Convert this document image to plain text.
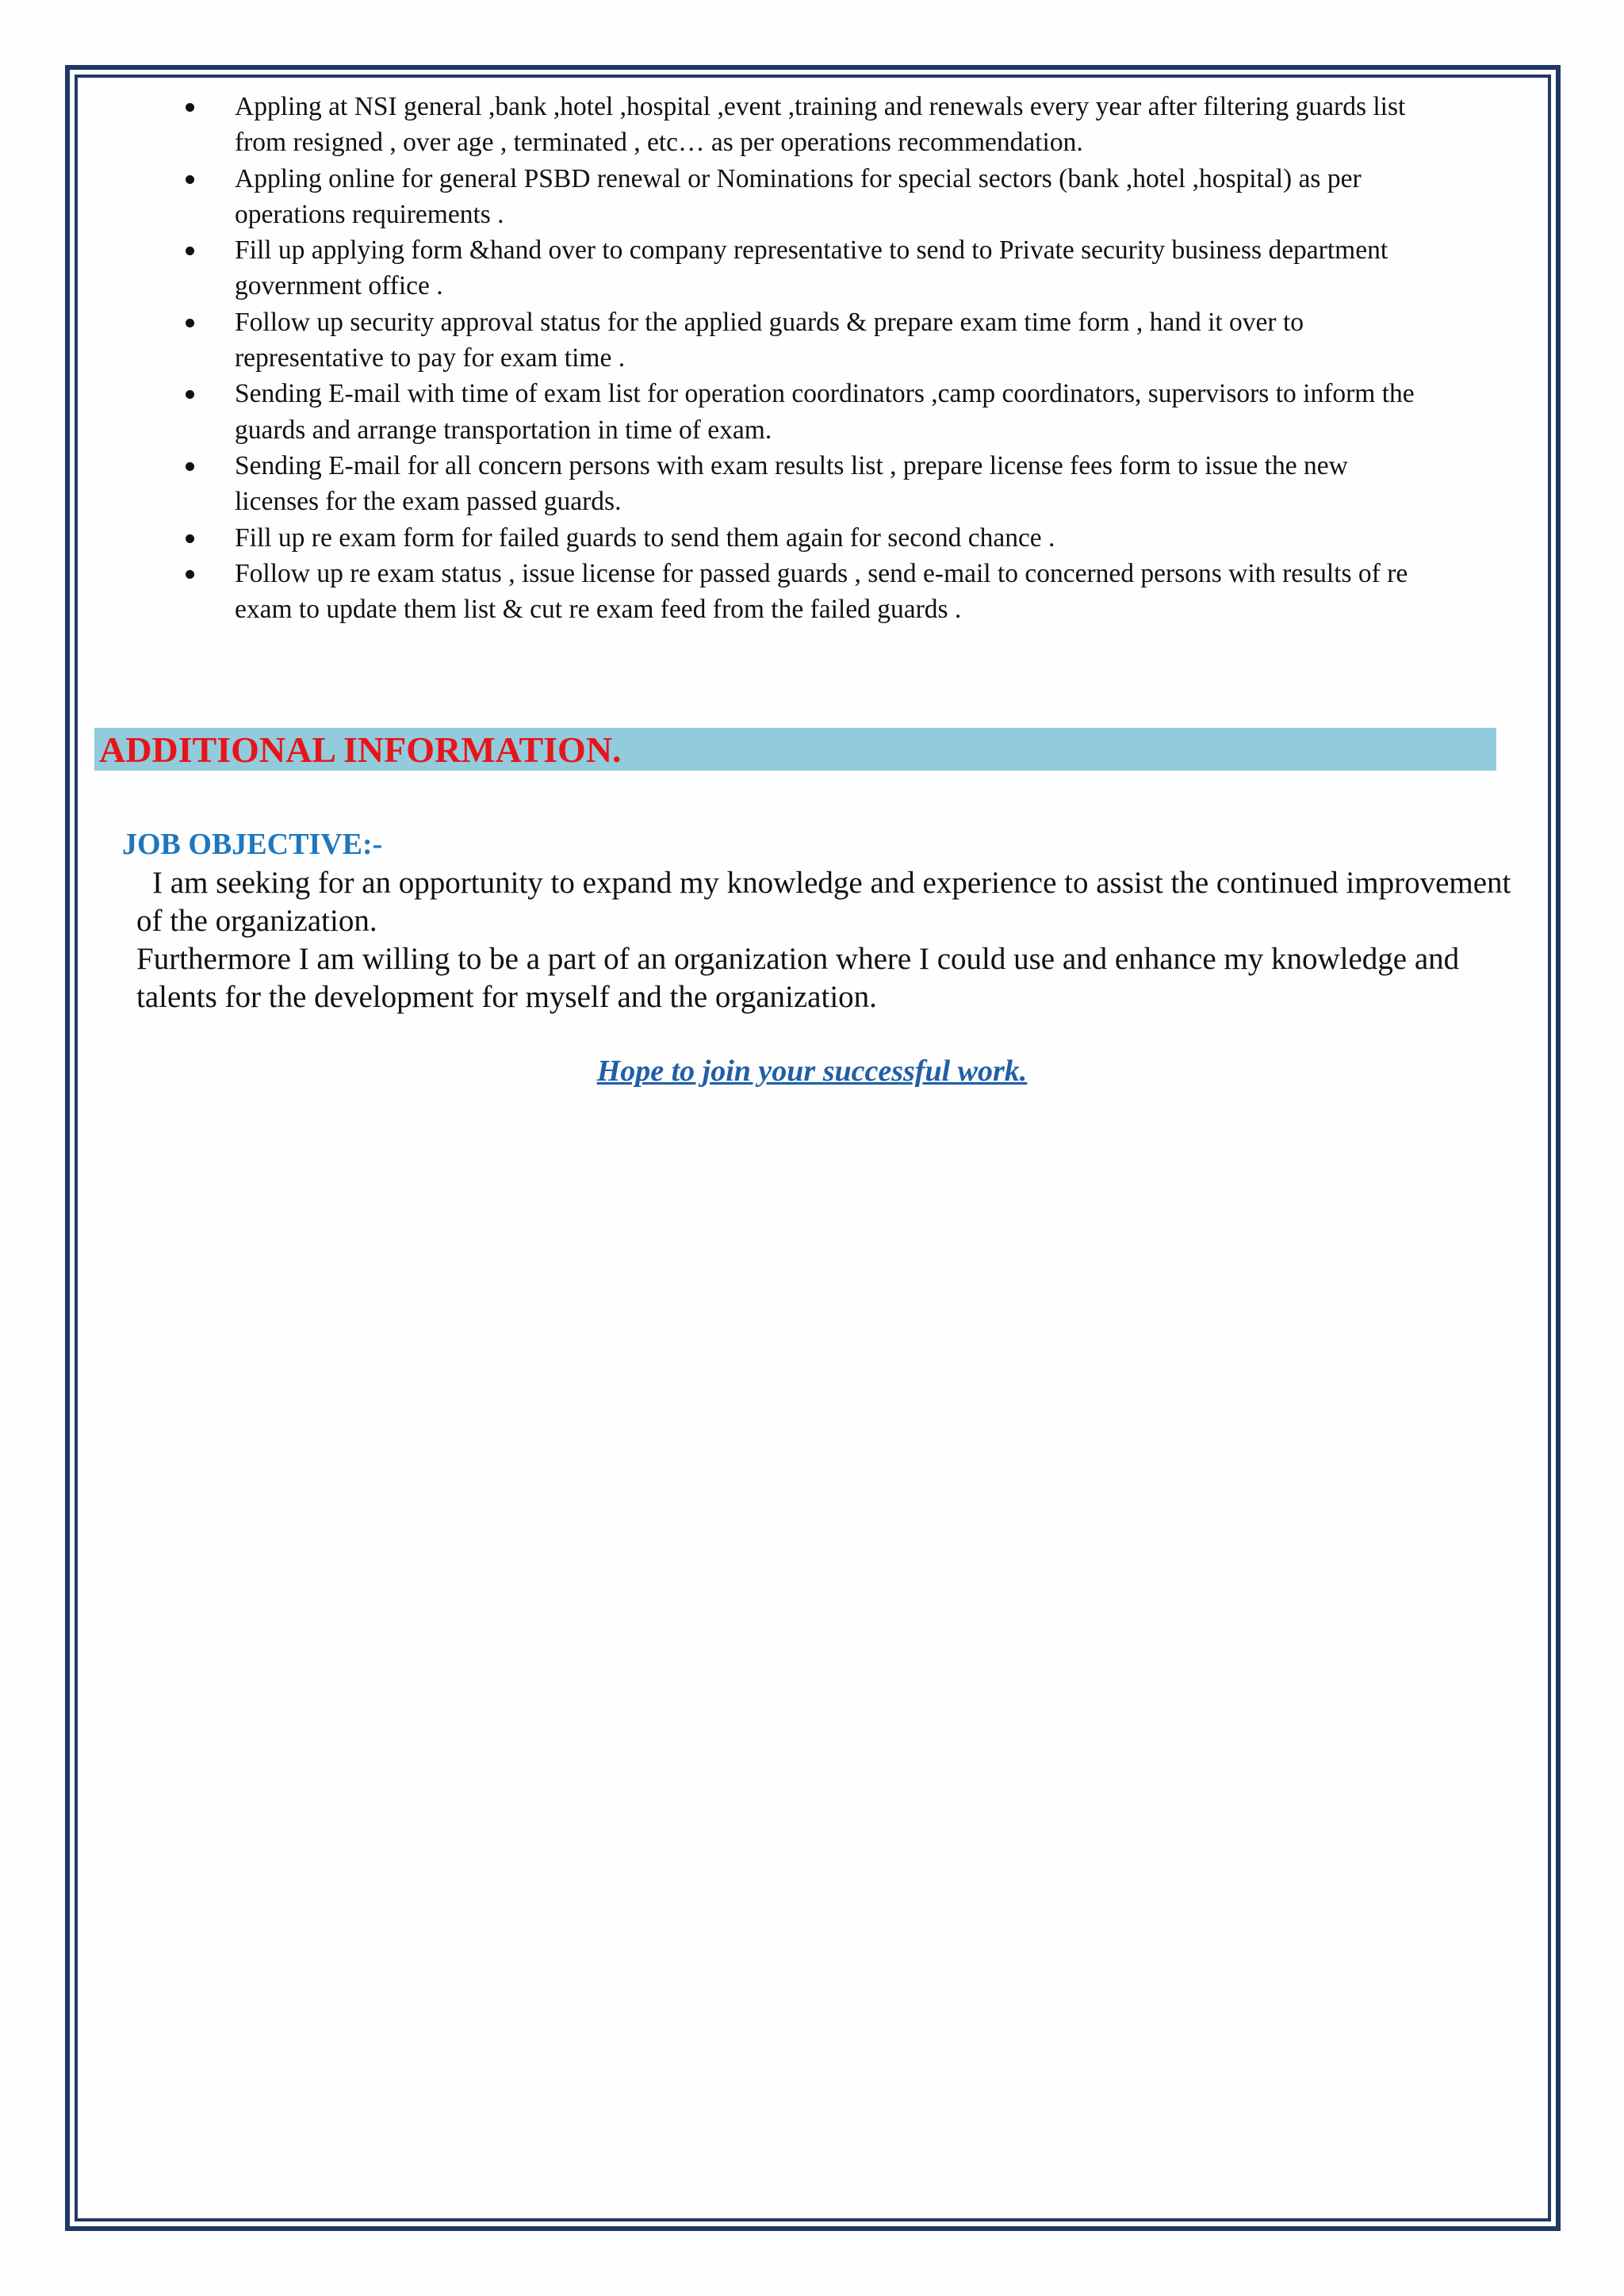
Appling at NSI general ,bank ,hotel ,hospital ,event ,training and renewals every year after filtering guards list from resigned , over age , terminated , etc… as per operations recommendation.
Appling online for general PSBD renewal or Nominations for special sectors (bank ,hotel ,hospital) as per operations requirements .
Fill up applying form &hand over to company representative to send to Private security business department government office .
Follow up security approval status for the applied guards & prepare exam time form , hand it over to representative to pay for exam time .
Sending E-mail with time of exam list for operation coordinators ,camp coordinators, supervisors to inform the guards and arrange transportation in time of exam.
Sending E-mail for all concern persons with exam results list , prepare license fees form to issue the new licenses for the exam passed guards.
Fill up re exam form for failed guards to send them again for second chance .
Follow up re exam status , issue license for passed guards , send e-mail to concerned persons with results of re exam to update them list & cut re exam feed from the failed guards .
ADDITIONAL INFORMATION.
JOB OBJECTIVE:-

I am seeking for an opportunity to expand my knowledge and experience to assist the continued improvement of the organization.

Furthermore I am willing to be a part of an organization where I could use and enhance my knowledge and talents for the development for myself and the organization.

Hope to join your successful work.
